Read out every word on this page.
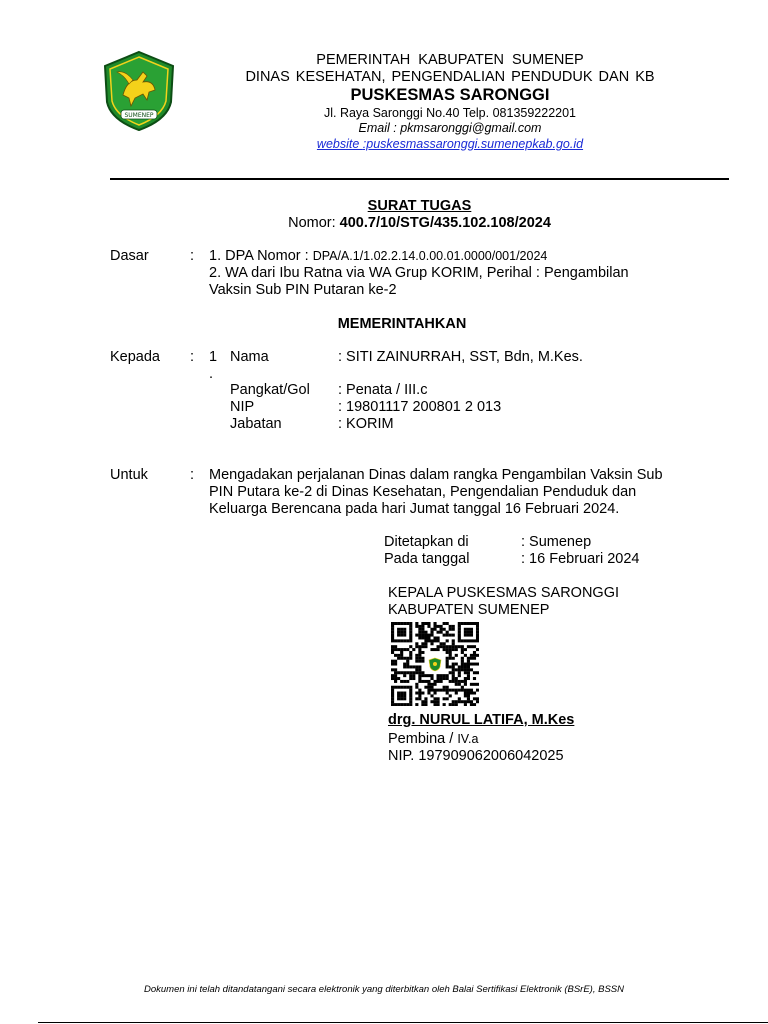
SUMENEP
PEMERINTAH KABUPATEN SUMENEP
DINAS KESEHATAN, PENGENDALIAN PENDUDUK DAN KB
PUSKESMAS SARONGGI
Jl. Raya Saronggi No.40 Telp. 081359222201
Email : pkmsaronggi@gmail.com
website :puskesmassaronggi.sumenepkab.go.id
SURAT TUGAS
Nomor: 400.7/10/STG/435.102.108/2024
Dasar	: 1. DPA Nomor : DPA/A.1/1.02.2.14.0.00.01.0000/001/2024
2. WA dari Ibu Ratna via WA Grup KORIM, Perihal : Pengambilan
Vaksin Sub PIN Putaran ke-2
MEMERINTAHKAN
Kepada : 1
.
Nama	: SITI ZAINURRAH, SST, Bdn, M.Kes.
Pangkat/Gol : Penata / III.c
NIP	: 19801117 200801 2 013
Jabatan	: KORIM
Untuk	: Mengadakan perjalanan Dinas dalam rangka Pengambilan Vaksin Sub
PIN Putara ke-2 di Dinas Kesehatan, Pengendalian Penduduk dan
Keluarga Berencana pada hari Jumat tanggal 16 Februari 2024.
Ditetapkan di	: Sumenep
Pada tanggal	: 16 Februari 2024
KEPALA PUSKESMAS SARONGGI
KABUPATEN SUMENEP
drg. NURUL LATIFA, M.Kes
Pembina / IV.a
NIP. 197909062006042025
Dokumen ini telah ditandatangani secara elektronik yang diterbitkan oleh Balai Sertifikasi Elektronik (BSrE), BSSN
